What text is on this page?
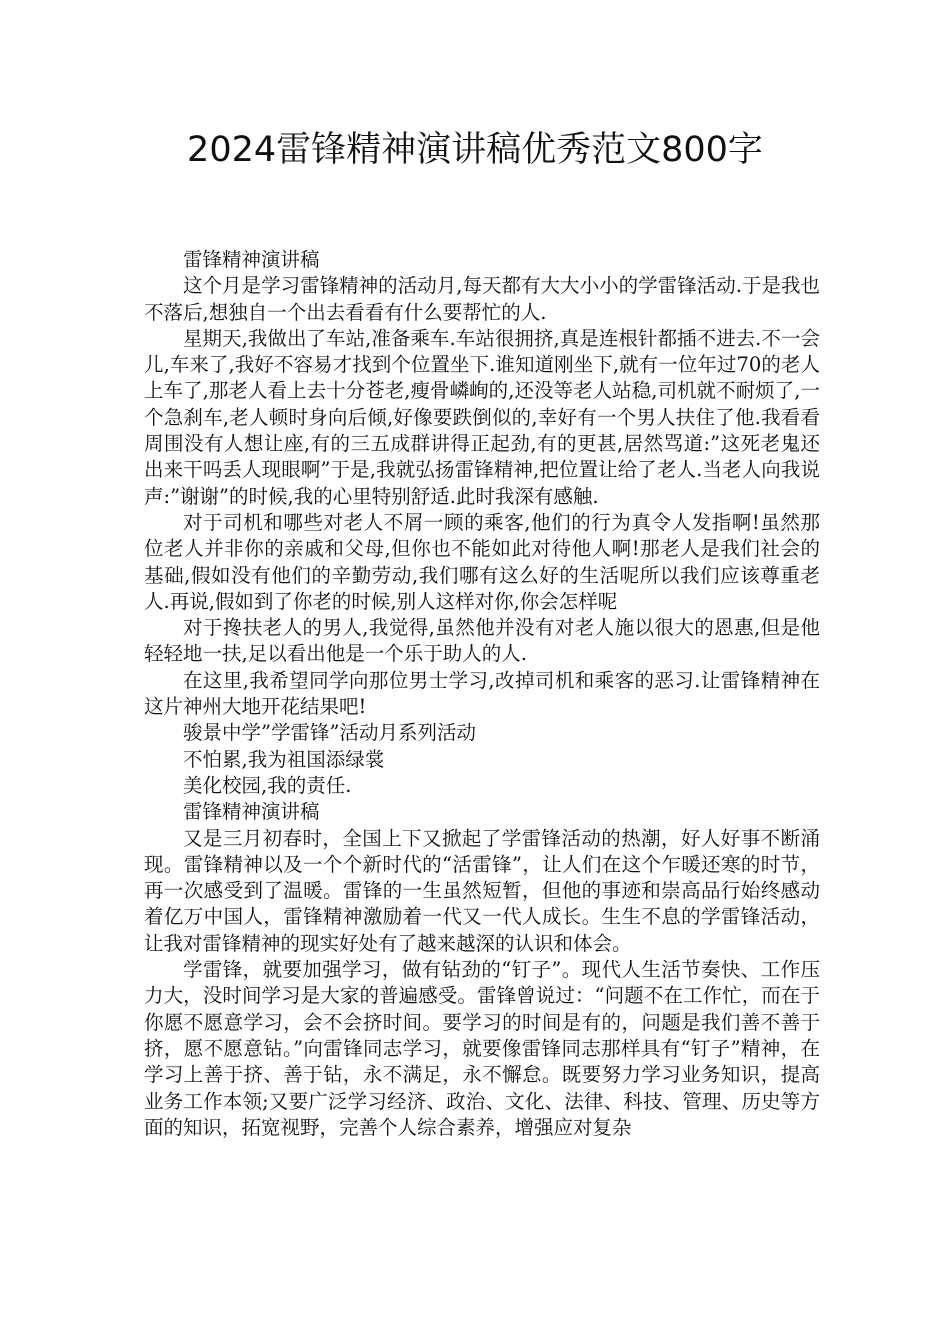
2024雷锋精神演讲稿优秀范文800字

雷锋精神演讲稿

这个月是学习雷锋精神的活动月,每天都有大大小小的学雷锋活动.于是我也不落后,想独自一个出去看看有什么要帮忙的人.

星期天,我做出了车站,准备乘车.车站很拥挤,真是连根针都插不进去.不一会儿,车来了,我好不容易才找到个位置坐下.谁知道刚坐下,就有一位年过70的老人上车了,那老人看上去十分苍老,瘦骨嶙峋的,还没等老人站稳,司机就不耐烦了,一个急刹车,老人顿时身向后倾,好像要跌倒似的,幸好有一个男人扶住了他.我看看周围没有人想让座,有的三五成群讲得正起劲,有的更甚,居然骂道:”这死老鬼还出来干吗丢人现眼啊”于是,我就弘扬雷锋精神,把位置让给了老人.当老人向我说声:”谢谢”的时候,我的心里特别舒适.此时我深有感触.

对于司机和哪些对老人不屑一顾的乘客,他们的行为真令人发指啊!虽然那位老人并非你的亲戚和父母,但你也不能如此对待他人啊!那老人是我们社会的基础,假如没有他们的辛勤劳动,我们哪有这么好的生活呢所以我们应该尊重老人.再说,假如到了你老的时候,别人这样对你,你会怎样呢

对于搀扶老人的男人,我觉得,虽然他并没有对老人施以很大的恩惠,但是他轻轻地一扶,足以看出他是一个乐于助人的人.

在这里,我希望同学向那位男士学习,改掉司机和乘客的恶习.让雷锋精神在这片神州大地开花结果吧!

骏景中学”学雷锋”活动月系列活动

不怕累,我为祖国添绿裳

美化校园,我的责任.

雷锋精神演讲稿

又是三月初春时，全国上下又掀起了学雷锋活动的热潮，好人好事不断涌现。雷锋精神以及一个个新时代的“活雷锋”，让人们在这个乍暖还寒的时节，再一次感受到了温暖。雷锋的一生虽然短暂，但他的事迹和崇高品行始终感动着亿万中国人，雷锋精神激励着一代又一代人成长。生生不息的学雷锋活动，让我对雷锋精神的现实好处有了越来越深的认识和体会。

学雷锋，就要加强学习，做有钻劲的“钉子”。现代人生活节奏快、工作压力大，没时间学习是大家的普遍感受。雷锋曾说过：“问题不在工作忙，而在于你愿不愿意学习，会不会挤时间。要学习的时间是有的，问题是我们善不善于挤，愿不愿意钻。”向雷锋同志学习，就要像雷锋同志那样具有“钉子”精神，在学习上善于挤、善于钻，永不满足，永不懈怠。既要努力学习业务知识，提高业务工作本领;又要广泛学习经济、政治、文化、法律、科技、管理、历史等方面的知识，拓宽视野，完善个人综合素养，增强应对复杂
